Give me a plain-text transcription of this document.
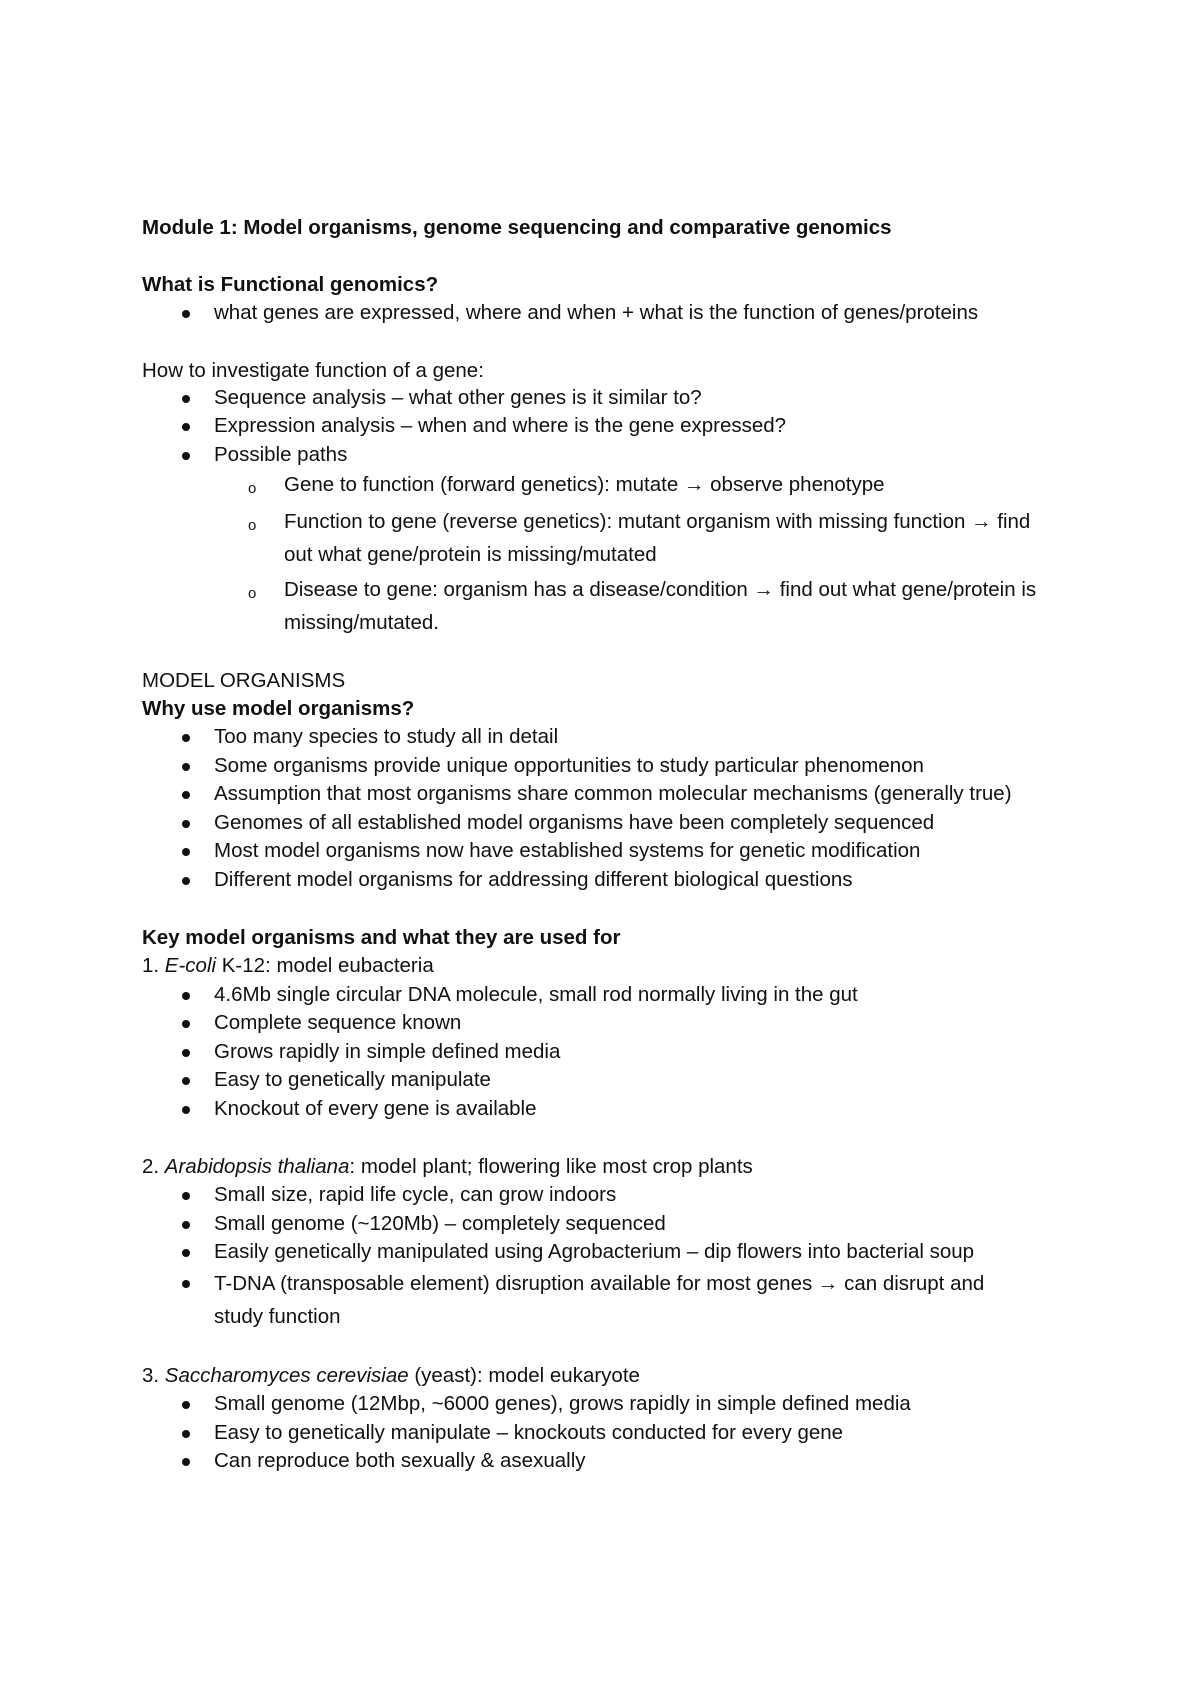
Module 1: Model organisms, genome sequencing and comparative genomics
What is Functional genomics?
what genes are expressed, where and when + what is the function of genes/proteins
How to investigate function of a gene:
Sequence analysis – what other genes is it similar to?
Expression analysis – when and where is the gene expressed?
Possible paths
o Gene to function (forward genetics): mutate → observe phenotype
o Function to gene (reverse genetics): mutant organism with missing function → find out what gene/protein is missing/mutated
o Disease to gene: organism has a disease/condition → find out what gene/protein is missing/mutated.
MODEL ORGANISMS
Why use model organisms?
Too many species to study all in detail
Some organisms provide unique opportunities to study particular phenomenon
Assumption that most organisms share common molecular mechanisms (generally true)
Genomes of all established model organisms have been completely sequenced
Most model organisms now have established systems for genetic modification
Different model organisms for addressing different biological questions
Key model organisms and what they are used for
1. E-coli K-12: model eubacteria
4.6Mb single circular DNA molecule, small rod normally living in the gut
Complete sequence known
Grows rapidly in simple defined media
Easy to genetically manipulate
Knockout of every gene is available
2. Arabidopsis thaliana: model plant; flowering like most crop plants
Small size, rapid life cycle, can grow indoors
Small genome (~120Mb) – completely sequenced
Easily genetically manipulated using Agrobacterium – dip flowers into bacterial soup
T-DNA (transposable element) disruption available for most genes → can disrupt and study function
3. Saccharomyces cerevisiae (yeast): model eukaryote
Small genome (12Mbp, ~6000 genes), grows rapidly in simple defined media
Easy to genetically manipulate – knockouts conducted for every gene
Can reproduce both sexually & asexually
